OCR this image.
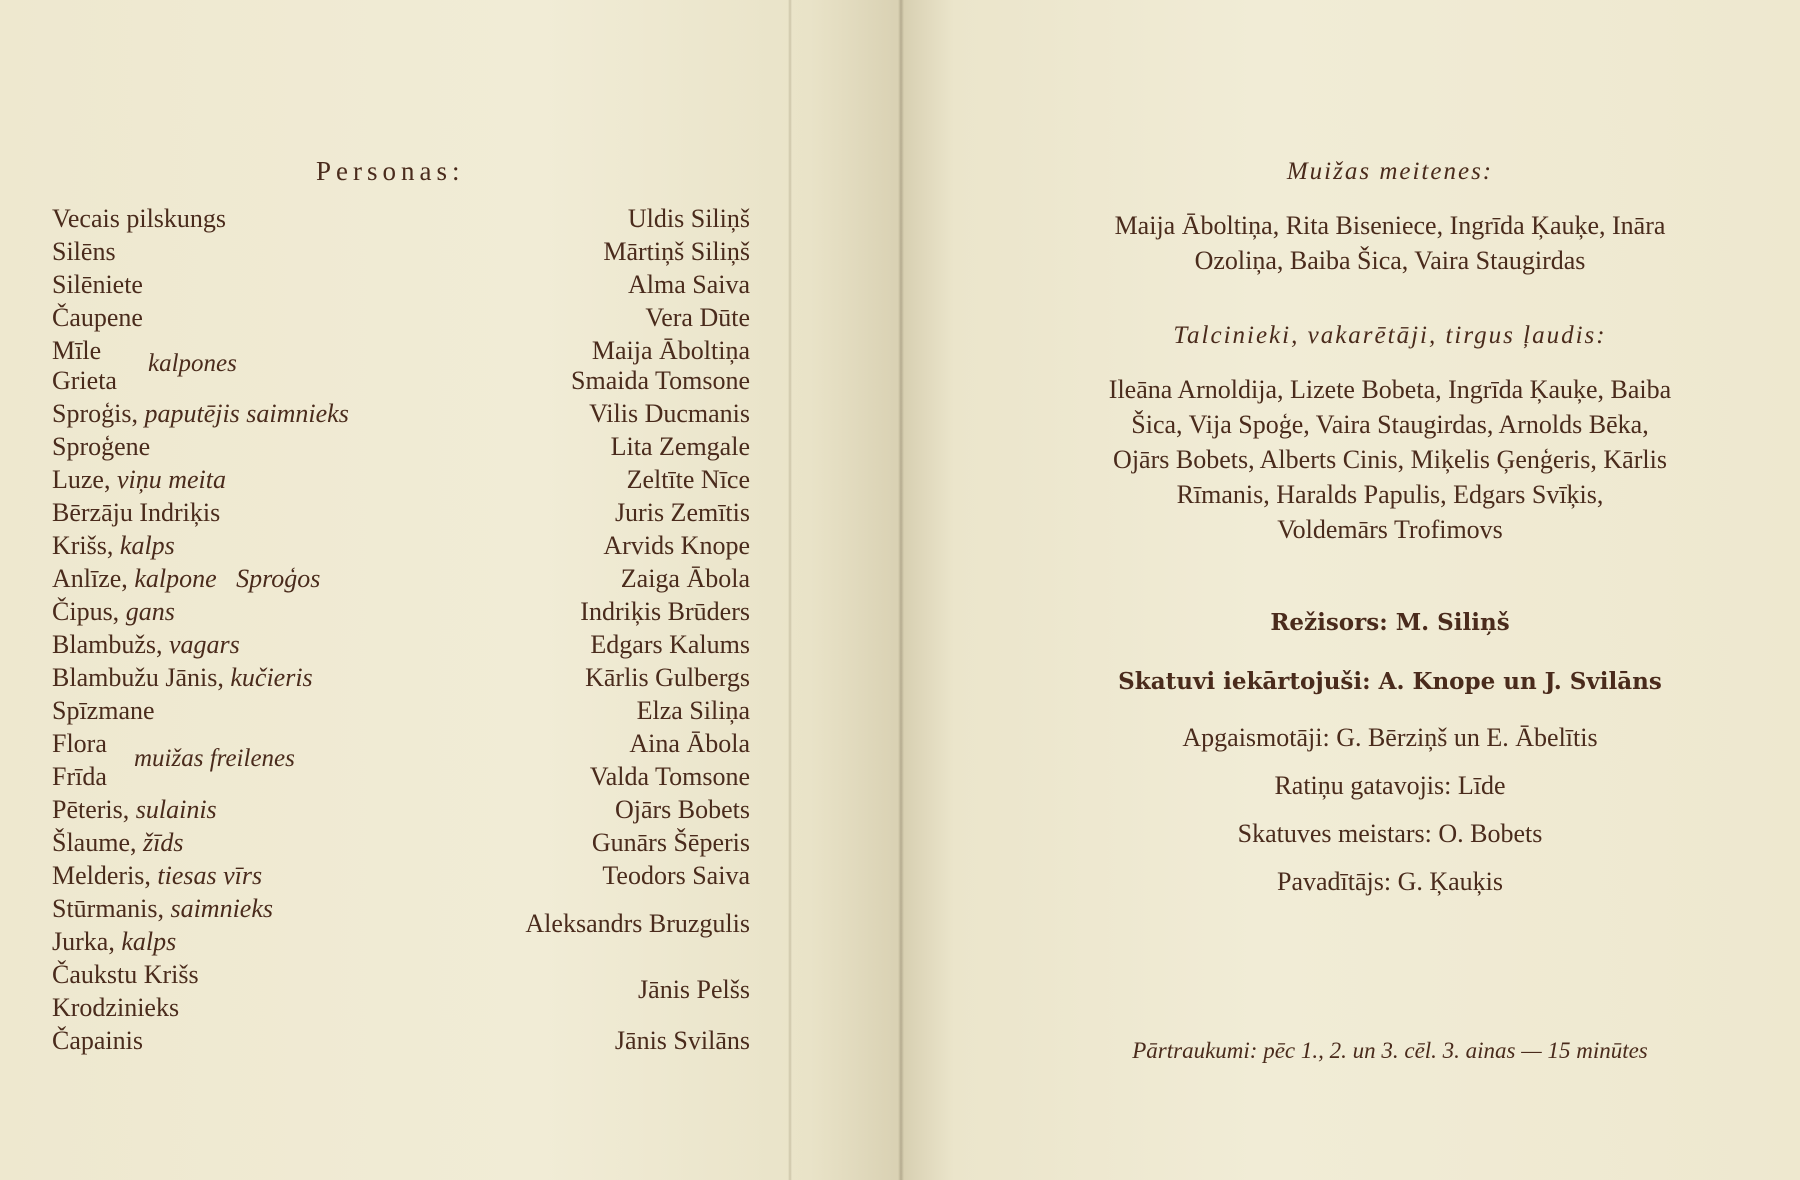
Personas:
Vecais pilskungs
Silēns
Silēniete
Čaupene
Mīle
Grieta
kalpones
Sproģis, paputējis saimnieks
Sproģene
Luze, viņu meita
Bērzāju Indriķis
Krišs, kalps
Anlīze, kalpone   Sproģos
Čipus, gans
Blambužs, vagars
Blambužu Jānis, kučieris
Spīzmane
Flora
Frīda
muižas freilenes
Pēteris, sulainis
Šlaume, žīds
Melderis, tiesas vīrs
Stūrmanis, saimnieks
Jurka, kalps
Čaukstu Krišs
Krodzinieks
Čapainis
Uldis Siliņš
Mārtiņš Siliņš
Alma Saiva
Vera Dūte
Maija Āboltiņa
Smaida Tomsone
Vilis Ducmanis
Lita Zemgale
Zeltīte Nīce
Juris Zemītis
Arvids Knope
Zaiga Ābola
Indriķis Brūders
Edgars Kalums
Kārlis Gulbergs
Elza Siliņa
Aina Ābola
Valda Tomsone
Ojārs Bobets
Gunārs Šēperis
Teodors Saiva
Aleksandrs Bruzgulis
Jānis Pelšs
Jānis Svilāns
Muižas meitenes:
Maija Āboltiņa, Rita Biseniece, Ingrīda Ķauķe, Ināra
Ozoliņa, Baiba Šica, Vaira Staugirdas
Talcinieki, vakarētāji, tirgus ļaudis:
Ileāna Arnoldija, Lizete Bobeta, Ingrīda Ķauķe, Baiba
Šica, Vija Spoģe, Vaira Staugirdas, Arnolds Bēka,
Ojārs Bobets, Alberts Cinis, Miķelis Ģenģeris, Kārlis
Rīmanis, Haralds Papulis, Edgars Svīķis,
Voldemārs Trofimovs
Režisors: M. Siliņš
Skatuvi iekārtojuši: A. Knope un J. Svilāns
Apgaismotāji: G. Bērziņš un E. Ābelītis
Ratiņu gatavojis: Līde
Skatuves meistars: O. Bobets
Pavadītājs: G. Ķauķis
Pārtraukumi: pēc 1., 2. un 3. cēl. 3. ainas — 15 minūtes
